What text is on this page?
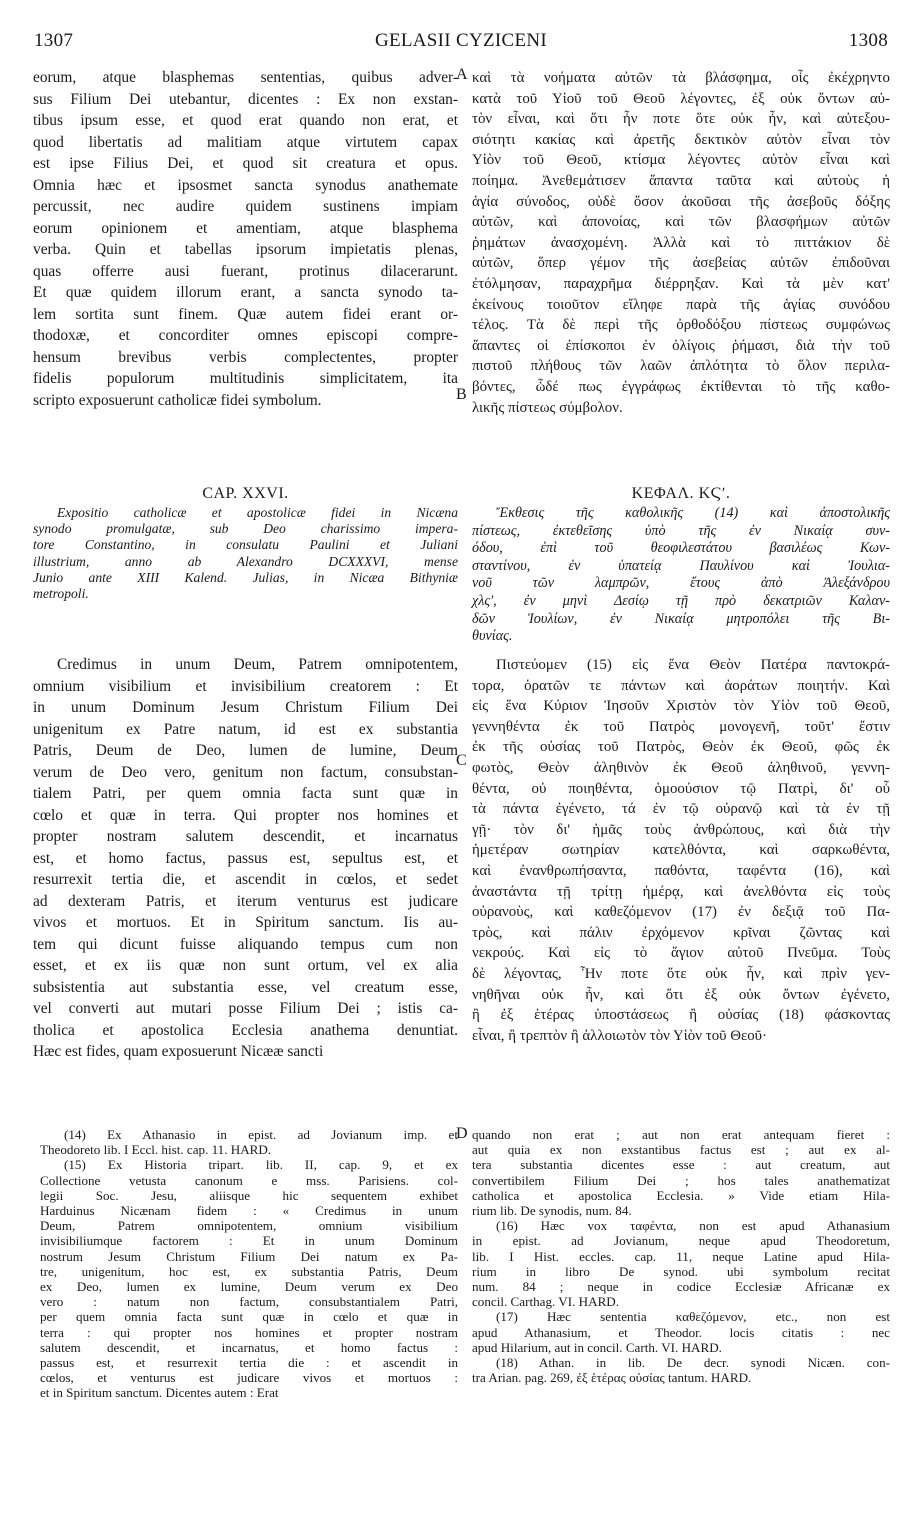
1307	GELASII CYZICENI	1308
A
B
C
D

eorum, atque blasphemas sententias, quibus adver-

sus Filium Dei utebantur, dicentes : Ex non exstan-

tibus ipsum esse, et quod erat quando non erat, et

quod libertatis ad malitiam atque virtutem capax

est ipse Filius Dei, et quod sit creatura et opus.

Omnia hæc et ipsosmet sancta synodus anathemate

percussit, nec audire quidem sustinens impiam

eorum opinionem et amentiam, atque blasphema

verba. Quin et tabellas ipsorum impietatis plenas,

quas offerre ausi fuerant, protinus dilacerarunt.

Et quæ quidem illorum erant, a sancta synodo ta-

lem sortita sunt finem. Quæ autem fidei erant or-

thodoxæ, et concorditer omnes episcopi compre-

hensum brevibus verbis complectentes, propter

fidelis populorum multitudinis simplicitatem, ita

scripto exposuerunt catholicæ fidei symbolum.

καὶ τὰ νοήματα αὐτῶν τὰ βλάσφημα, οἷς ἐκέχρηντο

κατὰ τοῦ Υἱοῦ τοῦ Θεοῦ λέγοντες, ἐξ οὐκ ὄντων αὐ-

τὸν εἶναι, καὶ ὅτι ἦν ποτε ὅτε οὐκ ἦν, καὶ αὐτεξου-

σιότητι κακίας καὶ ἀρετῆς δεκτικὸν αὐτὸν εἶναι τὸν

Υἱὸν τοῦ Θεοῦ, κτίσμα λέγοντες αὐτὸν εἶναι καὶ

ποίημα. Ἀνεθεμάτισεν ἅπαντα ταῦτα καὶ αὐτοὺς ἡ

ἁγία σύνοδος, οὐδὲ ὅσον ἀκοῦσαι τῆς ἀσεβοῦς δόξης

αὐτῶν, καὶ ἀπονοίας, καὶ τῶν βλασφήμων αὐτῶν

ῥημάτων ἀνασχομένη. Ἀλλὰ καὶ τὸ πιττάκιον δὲ

αὐτῶν, ὅπερ γέμον τῆς ἀσεβείας αὐτῶν ἐπιδοῦναι

ἐτόλμησαν, παραχρῆμα διέρρηξαν. Καὶ τὰ μὲν κατ'

ἐκείνους τοιοῦτον εἴληφε παρὰ τῆς ἁγίας συνόδου

τέλος. Τὰ δὲ περὶ τῆς ὀρθοδόξου πίστεως συμφώνως

ἅπαντες οἱ ἐπίσκοποι ἐν ὀλίγοις ῥήμασι, διὰ τὴν τοῦ

πιστοῦ πλήθους τῶν λαῶν ἁπλότητα τὸ ὅλον περιλα-

βόντες, ὧδέ πως ἐγγράφως ἐκτίθενται τὸ τῆς καθο-

λικῆς πίστεως σύμβολον.

CAP. XXVI.	ΚΕΦΑΛ. ΚϚʹ.

Expositio catholicæ et apostolicæ fidei in Nicæna

synodo promulgatæ, sub Deo charissimo impera-

tore Constantino, in consulatu Paulini et Juliani

illustrium, anno ab Alexandro DCXXXVI, mense

Junio ante XIII Kalend. Julias, in Nicæa Bithyniæ

metropoli.

Ἔκθεσις τῆς καθολικῆς (14) καὶ ἀποστολικῆς

πίστεως, ἐκτεθεῖσης ὑπὸ τῆς ἐν Νικαίᾳ συν-

όδου, ἐπὶ τοῦ θεοφιλεστάτου βασιλέως Κων-

σταντίνου, ἐν ὑπατείᾳ Παυλίνου καὶ Ἰουλια-

νοῦ τῶν λαμπρῶν, ἔτους ἀπὸ Ἀλεξάνδρου

χλςʹ, ἐν μηνὶ Δεσίῳ τῇ πρὸ δεκατριῶν Καλαν-

δῶν Ἰουλίων, ἐν Νικαίᾳ μητροπόλει τῆς Βι-

θυνίας.

Credimus in unum Deum, Patrem omnipotentem,

omnium visibilium et invisibilium creatorem : Et

in unum Dominum Jesum Christum Filium Dei

unigenitum ex Patre natum, id est ex substantia

Patris, Deum de Deo, lumen de lumine, Deum

verum de Deo vero, genitum non factum, consubstan-

tialem Patri, per quem omnia facta sunt quæ in

cœlo et quæ in terra. Qui propter nos homines et

propter nostram salutem descendit, et incarnatus

est, et homo factus, passus est, sepultus est, et

resurrexit tertia die, et ascendit in cœlos, et sedet

ad dexteram Patris, et iterum venturus est judicare

vivos et mortuos. Et in Spiritum sanctum. Iis au-

tem qui dicunt fuisse aliquando tempus cum non

esset, et ex iis quæ non sunt ortum, vel ex alia

subsistentia aut substantia esse, vel creatum esse,

vel converti aut mutari posse Filium Dei ; istis ca-

tholica et apostolica Ecclesia anathema denuntiat.

Hæc est fides, quam exposuerunt Nicææ sancti

Πιστεύομεν (15) εἰς ἕνα Θεὸν Πατέρα παντοκρά-

τορα, ὁρατῶν τε πάντων καὶ ἀοράτων ποιητήν. Καὶ

εἰς ἕνα Κύριον Ἰησοῦν Χριστὸν τὸν Υἱὸν τοῦ Θεοῦ,

γεννηθέντα ἐκ τοῦ Πατρὸς μονογενῆ, τοῦτ' ἔστιν

ἐκ τῆς οὐσίας τοῦ Πατρὸς, Θεὸν ἐκ Θεοῦ, φῶς ἐκ

φωτὸς, Θεὸν ἀληθινὸν ἐκ Θεοῦ ἀληθινοῦ, γεννη-

θέντα, οὐ ποιηθέντα, ὁμοούσιον τῷ Πατρὶ, δι' οὗ

τὰ πάντα ἐγένετο, τά ἐν τῷ οὐρανῷ καὶ τὰ ἐν τῇ

γῇ· τὸν δι' ἡμᾶς τοὺς ἀνθρώπους, καὶ διὰ τὴν

ἡμετέραν σωτηρίαν κατελθόντα, καὶ σαρκωθέντα,

καὶ ἐνανθρωπήσαντα, παθόντα, ταφέντα (16), καὶ

ἀναστάντα τῇ τρίτῃ ἡμέρᾳ, καὶ ἀνελθόντα εἰς τοὺς

οὐρανοὺς, καὶ καθεζόμενον (17) ἐν δεξιᾷ τοῦ Πα-

τρὸς, καὶ πάλιν ἐρχόμενον κρῖναι ζῶντας καὶ

νεκρούς. Καὶ εἰς τὸ ἅγιον αὐτοῦ Πνεῦμα. Τοὺς

δὲ λέγοντας, Ἦν ποτε ὅτε οὐκ ἦν, καὶ πρὶν γεν-

νηθῆναι οὐκ ἦν, καὶ ὅτι ἐξ οὐκ ὄντων ἐγένετο,

ἢ ἐξ ἑτέρας ὑποστάσεως ἢ οὐσίας (18) φάσκοντας

εἶναι, ἢ τρεπτὸν ἢ ἀλλοιωτὸν τὸν Υἱὸν τοῦ Θεοῦ·

(14) Ex Athanasio in epist. ad Jovianum imp. et

Theodoreto lib. I Eccl. hist. cap. 11. HARD.

(15) Ex Historia tripart. lib. II, cap. 9, et ex

Collectione vetusta canonum e mss. Parisiens. col-

legii Soc. Jesu, aliisque hic sequentem exhibet

Harduinus Nicænam fidem : « Credimus in unum

Deum, Patrem omnipotentem, omnium visibilium

invisibiliumque factorem : Et in unum Dominum

nostrum Jesum Christum Filium Dei natum ex Pa-

tre, unigenitum, hoc est, ex substantia Patris, Deum

ex Deo, lumen ex lumine, Deum verum ex Deo

vero : natum non factum, consubstantialem Patri,

per quem omnia facta sunt quæ in cœlo et quæ in

terra : qui propter nos homines et propter nostram

salutem descendit, et incarnatus, et homo factus :

passus est, et resurrexit tertia die : et ascendit in

cœlos, et venturus est judicare vivos et mortuos :

et in Spiritum sanctum. Dicentes autem : Erat

quando non erat ; aut non erat antequam fieret :

aut quia ex non exstantibus factus est ; aut ex al-

tera substantia dicentes esse : aut creatum, aut

convertibilem Filium Dei ; hos tales anathematizat

catholica et apostolica Ecclesia. » Vide etiam Hila-

rium lib. De synodis, num. 84.

(16) Hæc vox ταφέντα, non est apud Athanasium

in epist. ad Jovianum, neque apud Theodoretum,

lib. I Hist. eccles. cap. 11, neque Latine apud Hila-

rium in libro De synod. ubi symbolum recitat

num. 84 ; neque in codice Ecclesiæ Africanæ ex

concil. Carthag. VI. HARD.

(17) Hæc sententia καθεζόμενον, etc., non est

apud Athanasium, et Theodor. locis citatis : nec

apud Hilarium, aut in concil. Carth. VI. HARD.

(18) Athan. in lib. De decr. synodi Nicæn. con-

tra Arian. pag. 269, ἐξ ἑτέρας οὐσίας tantum. HARD.
